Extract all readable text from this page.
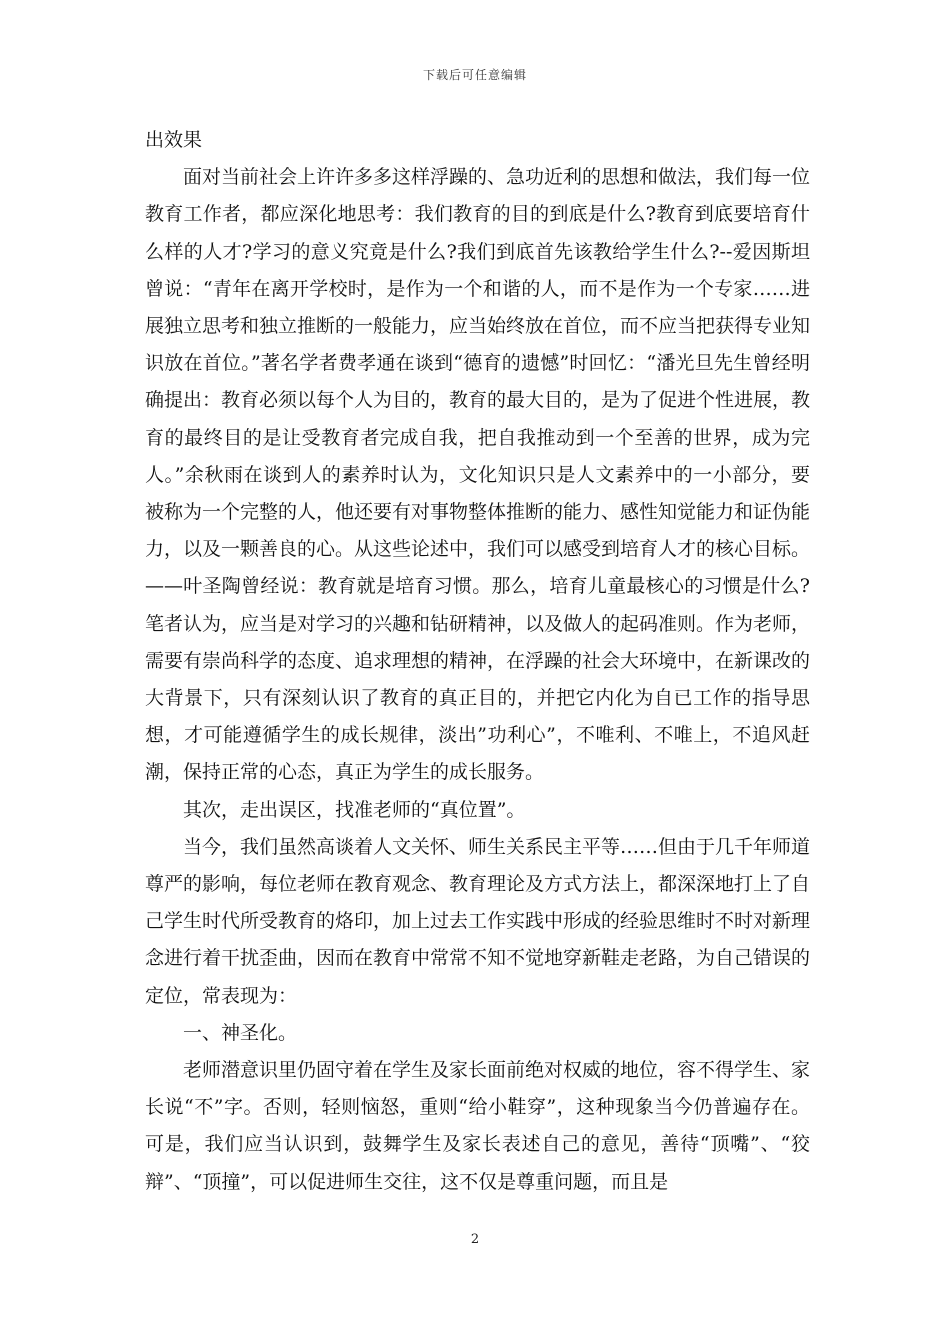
下载后可任意编辑

出效果

面对当前社会上许许多多这样浮躁的、急功近利的思想和做法，我们每一位教育工作者，都应深化地思考：我们教育的目的到底是什么?教育到底要培育什么样的人才?学习的意义究竟是什么?我们到底首先该教给学生什么?--爱因斯坦曾说：“青年在离开学校时，是作为一个和谐的人，而不是作为一个专家……进展独立思考和独立推断的一般能力，应当始终放在首位，而不应当把获得专业知识放在首位。”著名学者费孝通在谈到“德育的遗憾”时回忆：“潘光旦先生曾经明确提出：教育必须以每个人为目的，教育的最大目的，是为了促进个性进展，教育的最终目的是让受教育者完成自我，把自我推动到一个至善的世界，成为完人。”余秋雨在谈到人的素养时认为，文化知识只是人文素养中的一小部分，要被称为一个完整的人，他还要有对事物整体推断的能力、感性知觉能力和证伪能力，以及一颗善良的心。从这些论述中，我们可以感受到培育人才的核心目标。——叶圣陶曾经说：教育就是培育习惯。那么，培育儿童最核心的习惯是什么?笔者认为，应当是对学习的兴趣和钻研精神，以及做人的起码准则。作为老师，需要有崇尚科学的态度、追求理想的精神，在浮躁的社会大环境中，在新课改的大背景下，只有深刻认识了教育的真正目的，并把它内化为自已工作的指导思想，才可能遵循学生的成长规律，淡出”功利心”，不唯利、不唯上，不追风赶潮，保持正常的心态，真正为学生的成长服务。

其次，走出误区，找准老师的“真位置”。

当今，我们虽然高谈着人文关怀、师生关系民主平等……但由于几千年师道尊严的影响，每位老师在教育观念、教育理论及方式方法上，都深深地打上了自己学生时代所受教育的烙印，加上过去工作实践中形成的经验思维时不时对新理念进行着干扰歪曲，因而在教育中常常不知不觉地穿新鞋走老路，为自己错误的定位，常表现为：

一、神圣化。

老师潜意识里仍固守着在学生及家长面前绝对权威的地位，容不得学生、家长说“不”字。否则，轻则恼怒，重则“给小鞋穿”，这种现象当今仍普遍存在。可是，我们应当认识到，鼓舞学生及家长表述自己的意见，善待“顶嘴”、“狡辩”、“顶撞”，可以促进师生交往，这不仅是尊重问题，而且是

2
